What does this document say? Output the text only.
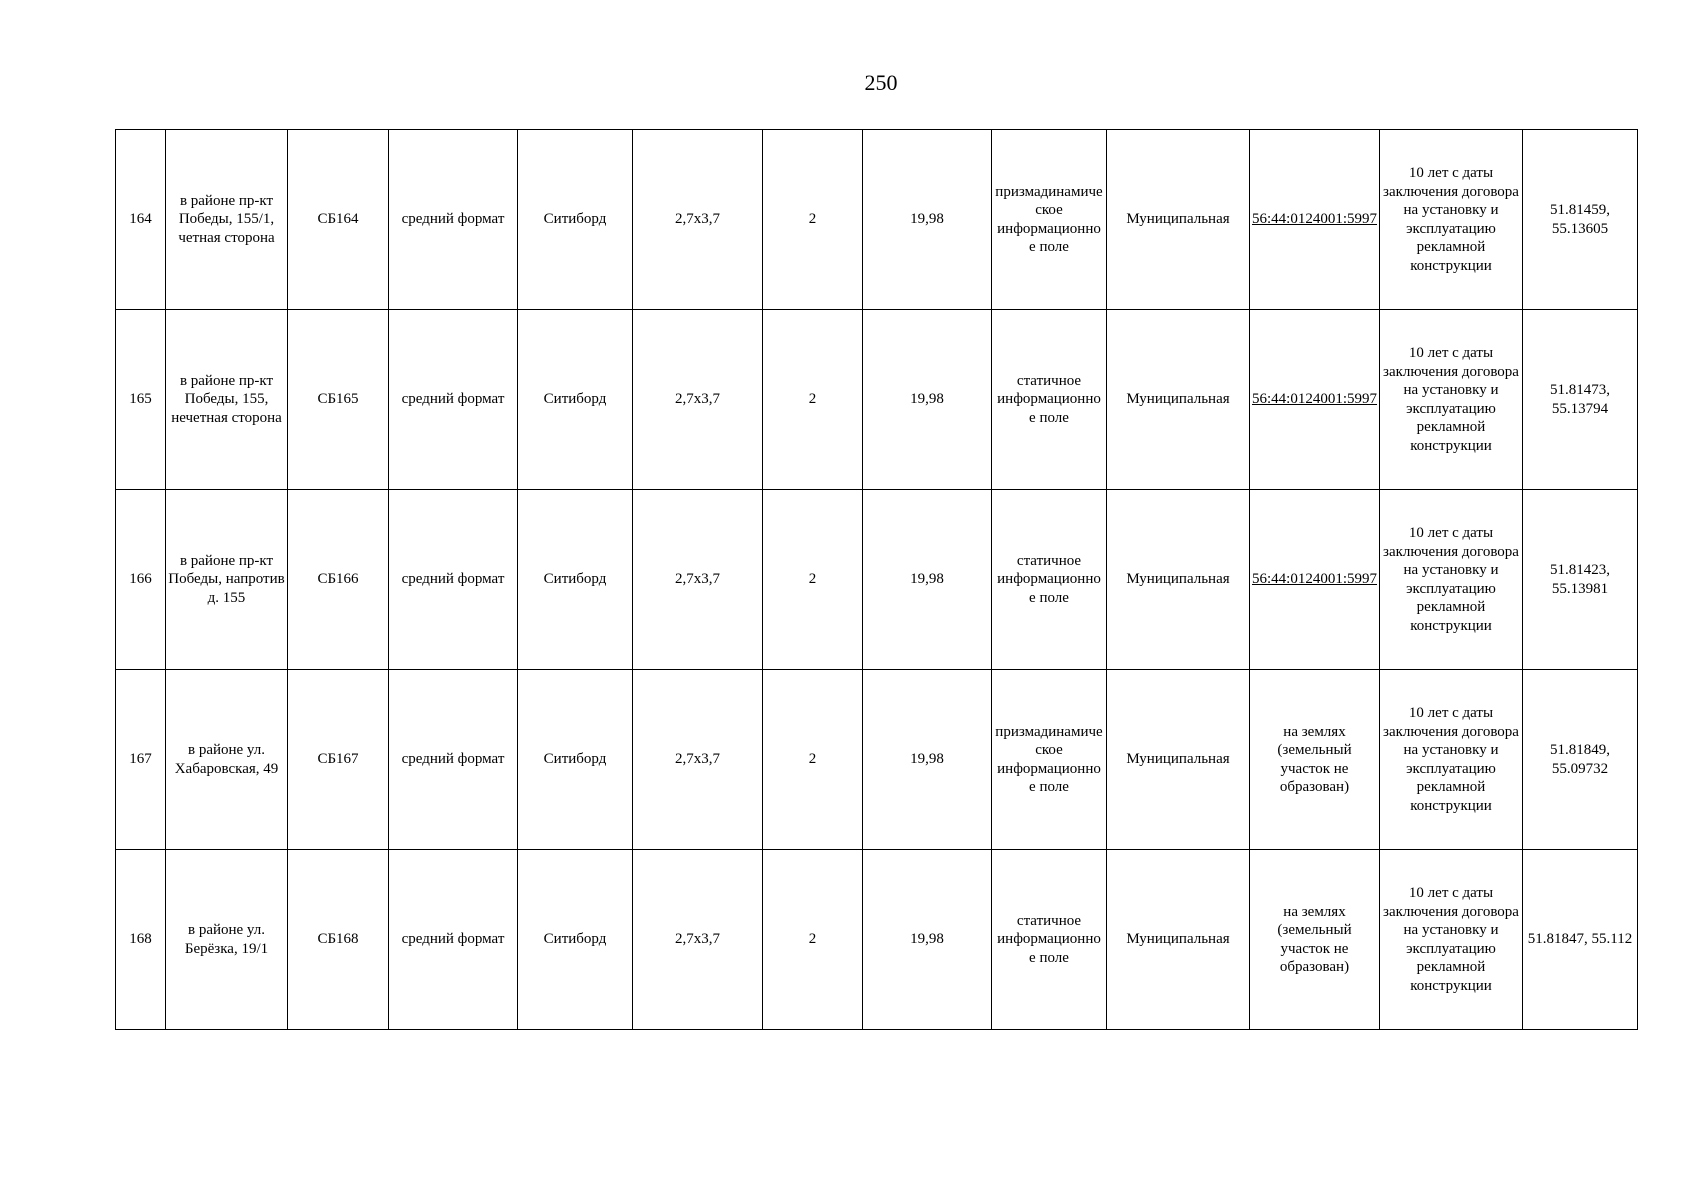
250
164	в районе пр-кт Победы, 155/1, четная сторона	СБ164	средний формат	Ситиборд	2,7х3,7	2	19,98	призмадинамическое информационное поле	Муниципальная	56:44:0124001:5997	10 лет с даты заключения договора на установку и эксплуатацию рекламной конструкции	51.81459, 55.13605
165	в районе пр-кт Победы, 155, нечетная сторона	СБ165	средний формат	Ситиборд	2,7х3,7	2	19,98	статичное информационное поле	Муниципальная	56:44:0124001:5997	10 лет с даты заключения договора на установку и эксплуатацию рекламной конструкции	51.81473, 55.13794
166	в районе пр-кт Победы, напротив д. 155	СБ166	средний формат	Ситиборд	2,7х3,7	2	19,98	статичное информационное поле	Муниципальная	56:44:0124001:5997	10 лет с даты заключения договора на установку и эксплуатацию рекламной конструкции	51.81423, 55.13981
167	в районе ул. Хабаровская, 49	СБ167	средний формат	Ситиборд	2,7х3,7	2	19,98	призмадинамическое информационное поле	Муниципальная	на землях (земельный участок не образован)	10 лет с даты заключения договора на установку и эксплуатацию рекламной конструкции	51.81849, 55.09732
168	в районе ул. Берёзка, 19/1	СБ168	средний формат	Ситиборд	2,7х3,7	2	19,98	статичное информационное поле	Муниципальная	на землях (земельный участок не образован)	10 лет с даты заключения договора на установку и эксплуатацию рекламной конструкции	51.81847, 55.112
